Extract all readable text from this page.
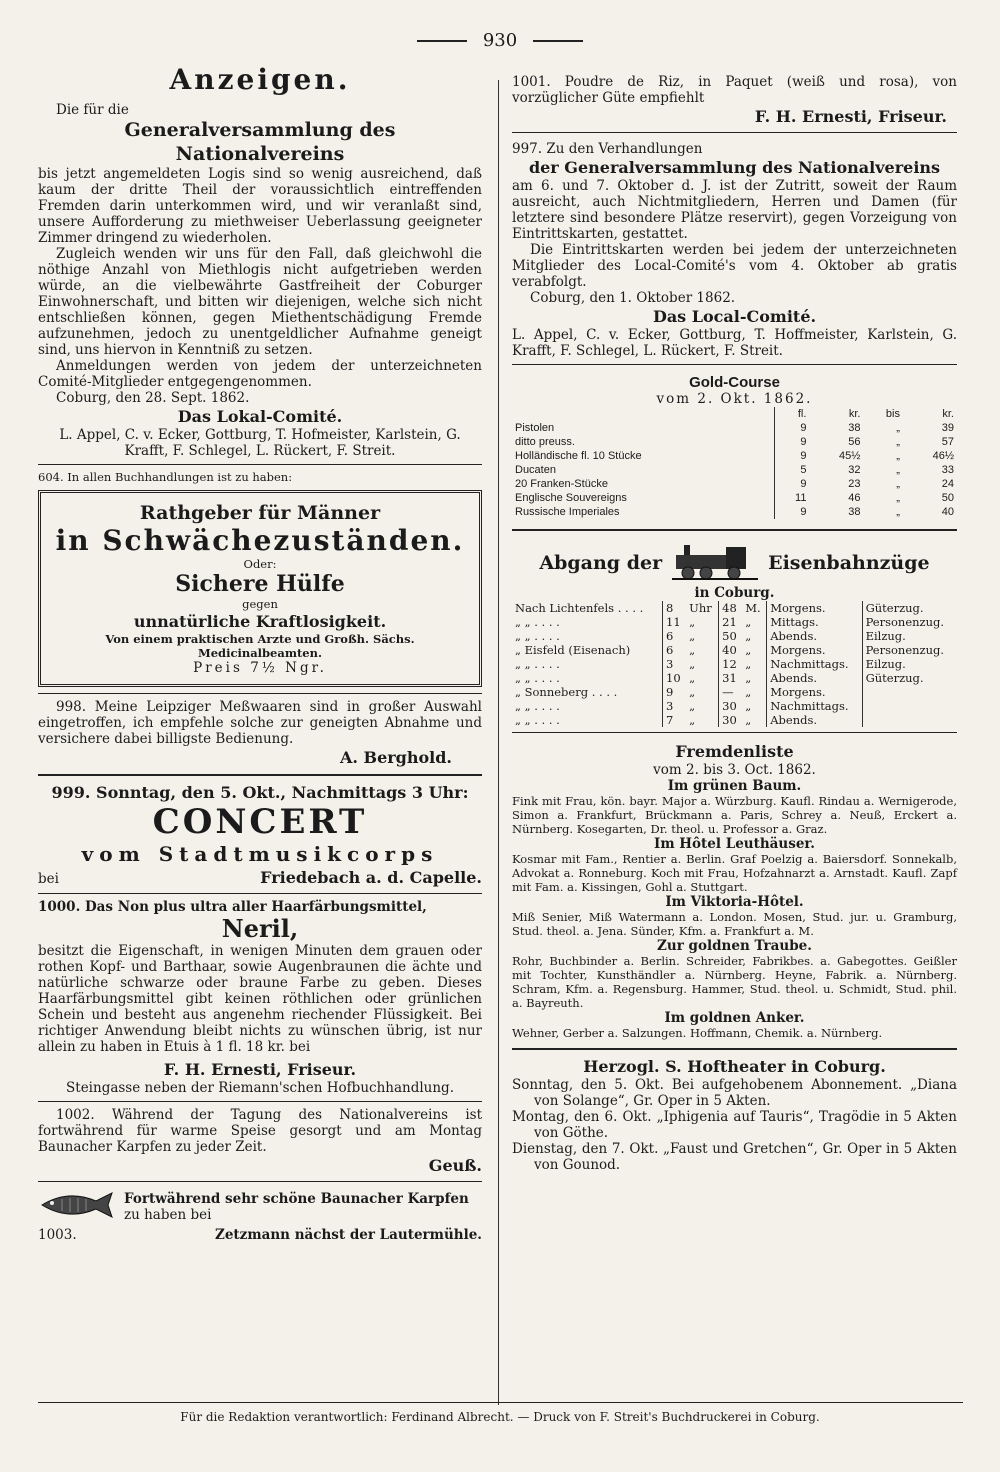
930
Anzeigen.

Die für die

Generalversammlung des Nationalvereins

bis jetzt angemeldeten Logis sind so wenig ausreichend, daß kaum der dritte Theil der voraussichtlich eintreffenden Fremden darin unterkommen wird, und wir veranlaßt sind, unsere Aufforderung zu miethweiser Ueberlassung geeigneter Zimmer dringend zu wiederholen.

Zugleich wenden wir uns für den Fall, daß gleichwohl die nöthige Anzahl von Miethlogis nicht aufgetrieben werden würde, an die vielbewährte Gastfreiheit der Coburger Einwohnerschaft, und bitten wir diejenigen, welche sich nicht entschließen können, gegen Miethentschädigung Fremde aufzunehmen, jedoch zu unentgeldlicher Aufnahme geneigt sind, uns hiervon in Kenntniß zu setzen.

Anmeldungen werden von jedem der unterzeichneten Comité-Mitglieder entgegengenommen.

Coburg, den 28. Sept. 1862.

Das Lokal-Comité.

L. Appel, C. v. Ecker, Gottburg, T. Hofmeister, Karlstein, G. Krafft, F. Schlegel, L. Rückert, F. Streit.

604. In allen Buchhandlungen ist zu haben:

Rathgeber für Männer
in Schwächezuständen.
Oder:
Sichere Hülfe
gegen
unnatürliche Kraftlosigkeit.
Von einem praktischen Arzte und Großh. Sächs. Medicinalbeamten.
Preis 7½ Ngr.

998. Meine Leipziger Meßwaaren sind in großer Auswahl eingetroffen, ich empfehle solche zur geneigten Abnahme und versichere dabei billigste Bedienung.

A. Berghold.

999. Sonntag, den 5. Okt., Nachmittags 3 Uhr:

CONCERT
vom Stadtmusikcorps
bei	Friedebach a. d. Capelle.

1000. Das Non plus ultra aller Haarfärbungsmittel,

Neril,

besitzt die Eigenschaft, in wenigen Minuten dem grauen oder rothen Kopf- und Barthaar, sowie Augenbraunen die ächte und natürliche schwarze oder braune Farbe zu geben. Dieses Haarfärbungsmittel gibt keinen röthlichen oder grünlichen Schein und besteht aus angenehm riechender Flüssigkeit. Bei richtiger Anwendung bleibt nichts zu wünschen übrig, ist nur allein zu haben in Etuis à 1 fl. 18 kr. bei

F. H. Ernesti, Friseur.

Steingasse neben der Riemann'schen Hofbuchhandlung.

1002. Während der Tagung des Nationalvereins ist fortwährend für warme Speise gesorgt und am Montag Baunacher Karpfen zu jeder Zeit.

Geuß.

Fortwährend sehr schöne Baunacher Karpfen
zu haben bei
1003.	Zetzmann nächst der Lautermühle.

1001. Poudre de Riz, in Paquet (weiß und rosa), von vorzüglicher Güte empfiehlt

F. H. Ernesti, Friseur.

997. Zu den Verhandlungen

der Generalversammlung des Nationalvereins

am 6. und 7. Oktober d. J. ist der Zutritt, soweit der Raum ausreicht, auch Nichtmitgliedern, Herren und Damen (für letztere sind besondere Plätze reservirt), gegen Vorzeigung von Eintrittskarten, gestattet.

Die Eintrittskarten werden bei jedem der unterzeichneten Mitglieder des Local-Comité's vom 4. Oktober ab gratis verabfolgt.

Coburg, den 1. Oktober 1862.

Das Local-Comité.

L. Appel, C. v. Ecker, Gottburg, T. Hoffmeister, Karlstein, G. Krafft, F. Schlegel, L. Rückert, F. Streit.

Gold-Course
vom 2. Okt. 1862.
	fl.	kr.	bis	kr.
Pistolen	9	38	„	39
ditto preuss.	9	56	„	57
Holländische fl. 10 Stücke	9	45½	„	46½
Ducaten	5	32	„	33
20 Franken-Stücke	9	23	„	24
Englische Souvereigns	11	46	„	50
Russische Imperiales	9	38	„	40
Abgang der	Eisenbahnzüge
in Coburg.
Nach Lichtenfels . . . .	8	Uhr	48	M.	Morgens.	Güterzug.
„ „ . . . .	11	„	21	„	Mittags.	Personenzug.
„ „ . . . .	6	„	50	„	Abends.	Eilzug.
„ Eisfeld (Eisenach)	6	„	40	„	Morgens.	Personenzug.
„ „ . . . .	3	„	12	„	Nachmittags.	Eilzug.
„ „ . . . .	10	„	31	„	Abends.	Güterzug.
„ Sonneberg . . . .	9	„	—	„	Morgens.	
„ „ . . . .	3	„	30	„	Nachmittags.	
„ „ . . . .	7	„	30	„	Abends.	
Fremdenliste
vom 2. bis 3. Oct. 1862.
Im grünen Baum.

Fink mit Frau, kön. bayr. Major a. Würzburg. Kaufl. Rindau a. Wernigerode, Simon a. Frankfurt, Brückmann a. Paris, Schrey a. Neuß, Erckert a. Nürnberg. Kosegarten, Dr. theol. u. Professor a. Graz.

Im Hôtel Leuthäuser.

Kosmar mit Fam., Rentier a. Berlin. Graf Poelzig a. Baiersdorf. Sonnekalb, Advokat a. Ronneburg. Koch mit Frau, Hofzahnarzt a. Arnstadt. Kaufl. Zapf mit Fam. a. Kissingen, Gohl a. Stuttgart.

Im Viktoria-Hôtel.

Miß Senier, Miß Watermann a. London. Mosen, Stud. jur. u. Gramburg, Stud. theol. a. Jena. Sünder, Kfm. a. Frankfurt a. M.

Zur goldnen Traube.

Rohr, Buchbinder a. Berlin. Schreider, Fabrikbes. a. Gabegottes. Geißler mit Tochter, Kunsthändler a. Nürnberg. Heyne, Fabrik. a. Nürnberg. Schram, Kfm. a. Regensburg. Hammer, Stud. theol. u. Schmidt, Stud. phil. a. Bayreuth.

Im goldnen Anker.

Wehner, Gerber a. Salzungen. Hoffmann, Chemik. a. Nürnberg.

Herzogl. S. Hoftheater in Coburg.

Sonntag, den 5. Okt. Bei aufgehobenem Abonnement. „Diana von Solange“, Gr. Oper in 5 Akten.

Montag, den 6. Okt. „Iphigenia auf Tauris“, Tragödie in 5 Akten von Göthe.

Dienstag, den 7. Okt. „Faust und Gretchen“, Gr. Oper in 5 Akten von Gounod.

Für die Redaktion verantwortlich: Ferdinand Albrecht. — Druck von F. Streit's Buchdruckerei in Coburg.
